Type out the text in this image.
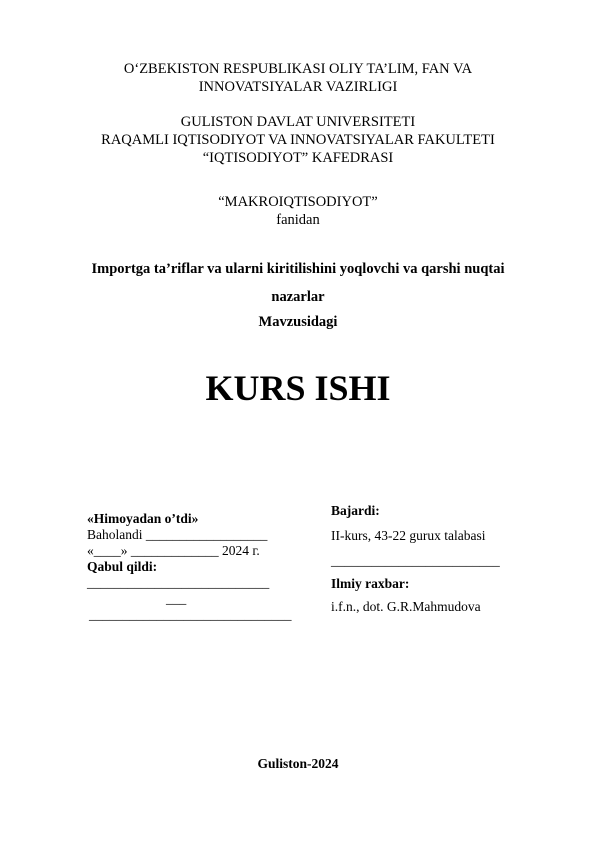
O‘ZBEKISTON RESPUBLIKASI OLIY TA’LIM, FAN VA
INNOVATSIYALAR VAZIRLIGI
GULISTON DAVLAT UNIVERSITETI
RAQAMLI IQTISODIYOT VA INNOVATSIYALAR FAKULTETI
“IQTISODIYOT” KAFEDRASI
“MAKROIQTISODIYOT”
fanidan
Importga ta’riflar va ularni kiritilishini yoqlovchi va qarshi nuqtai
nazarlar
Mavzusidagi
KURS ISHI
«Himoyadan o’tdi»
Baholandi __________________
«____» _____________ 2024 г.
Qabul qildi:
___________________________
___
______________________________
Bajardi:
II-kurs, 43-22 gurux talabasi
_________________________
Ilmiy raxbar:
i.f.n., dot. G.R.Mahmudova
Guliston-2024
